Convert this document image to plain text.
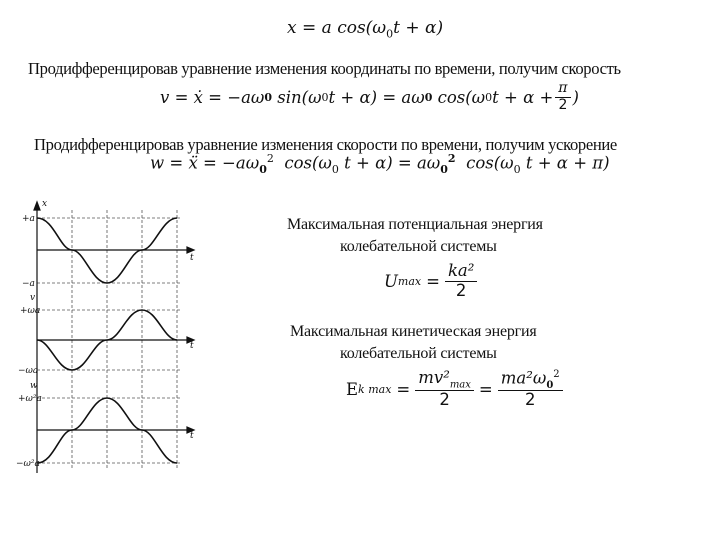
x = a $\cos(\omega_0t + \alpha)$
Продифференцировав уравнение изменения координаты по времени, получим скорость
v = ẋ = −aω 0 sin(ω 0 t + α) = aω 0 cos(ω 0 $t + \alpha + \frac{\pi}{2}$ )
Продифференцировав уравнение изменения скорости по времени, получим ускорение
w = ẍ = $-a\omega_0^2$  $\cos(\omega_0$ $t + \alpha) = a\omega_0^2$  $\cos(\omega_0$ t + α + π)
x
+a
−a
t
v
+ωa
−ωa
t
w
+ω²a
−ω²a
t
Максимальная потенциальная энергия
колебательной системы
U $\max = \frac{\text{ka²}}{2}$
Максимальная кинетическая энергия
колебательной системы
E k $\max = \frac{mv^2_{max}}{2} = \frac{ma^2\omega_0^2}{2}$
